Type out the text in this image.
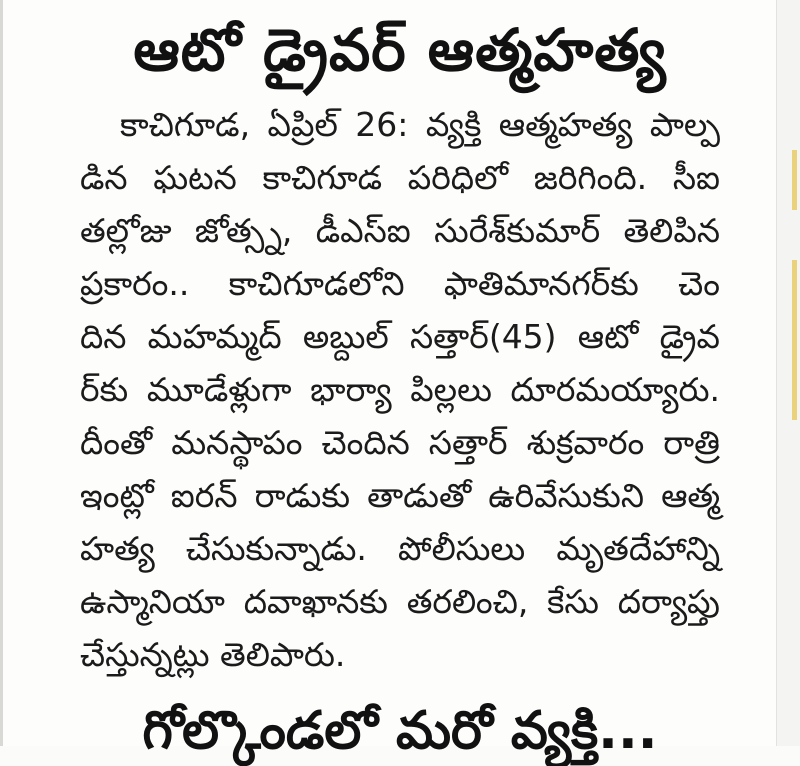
ఆటో డ్రైవర్ ఆత్మహత్య
కాచిగూడ, ఏప్రిల్ 26: వ్యక్తి ఆత్మహత్య పాల్ప
డిన ఘటన కాచిగూడ పరిధిలో జరిగింది. సీఐ
తల్లోజు జోత్స్న, డీఎస్ఐ సురేశ్‌కుమార్ తెలిపిన
ప్రకారం.. కాచిగూడలోని ఫాతిమానగర్‌కు చెం
దిన మహమ్మద్ అబ్దుల్ సత్తార్(45) ఆటో డ్రైవ
ర్‌కు మూడేళ్లుగా భార్యా పిల్లలు దూరమయ్యారు.
దీంతో మనస్థాపం చెందిన సత్తార్ శుక్రవారం రాత్రి
ఇంట్లో ఐరన్ రాడుకు తాడుతో ఉరివేసుకుని ఆత్మ
హత్య చేసుకున్నాడు. పోలీసులు మృతదేహాన్ని
ఉస్మానియా దవాఖానకు తరలించి, కేసు దర్యాప్తు
చేస్తున్నట్లు తెలిపారు.
గోల్కొండలో మరో వ్యక్తి...
